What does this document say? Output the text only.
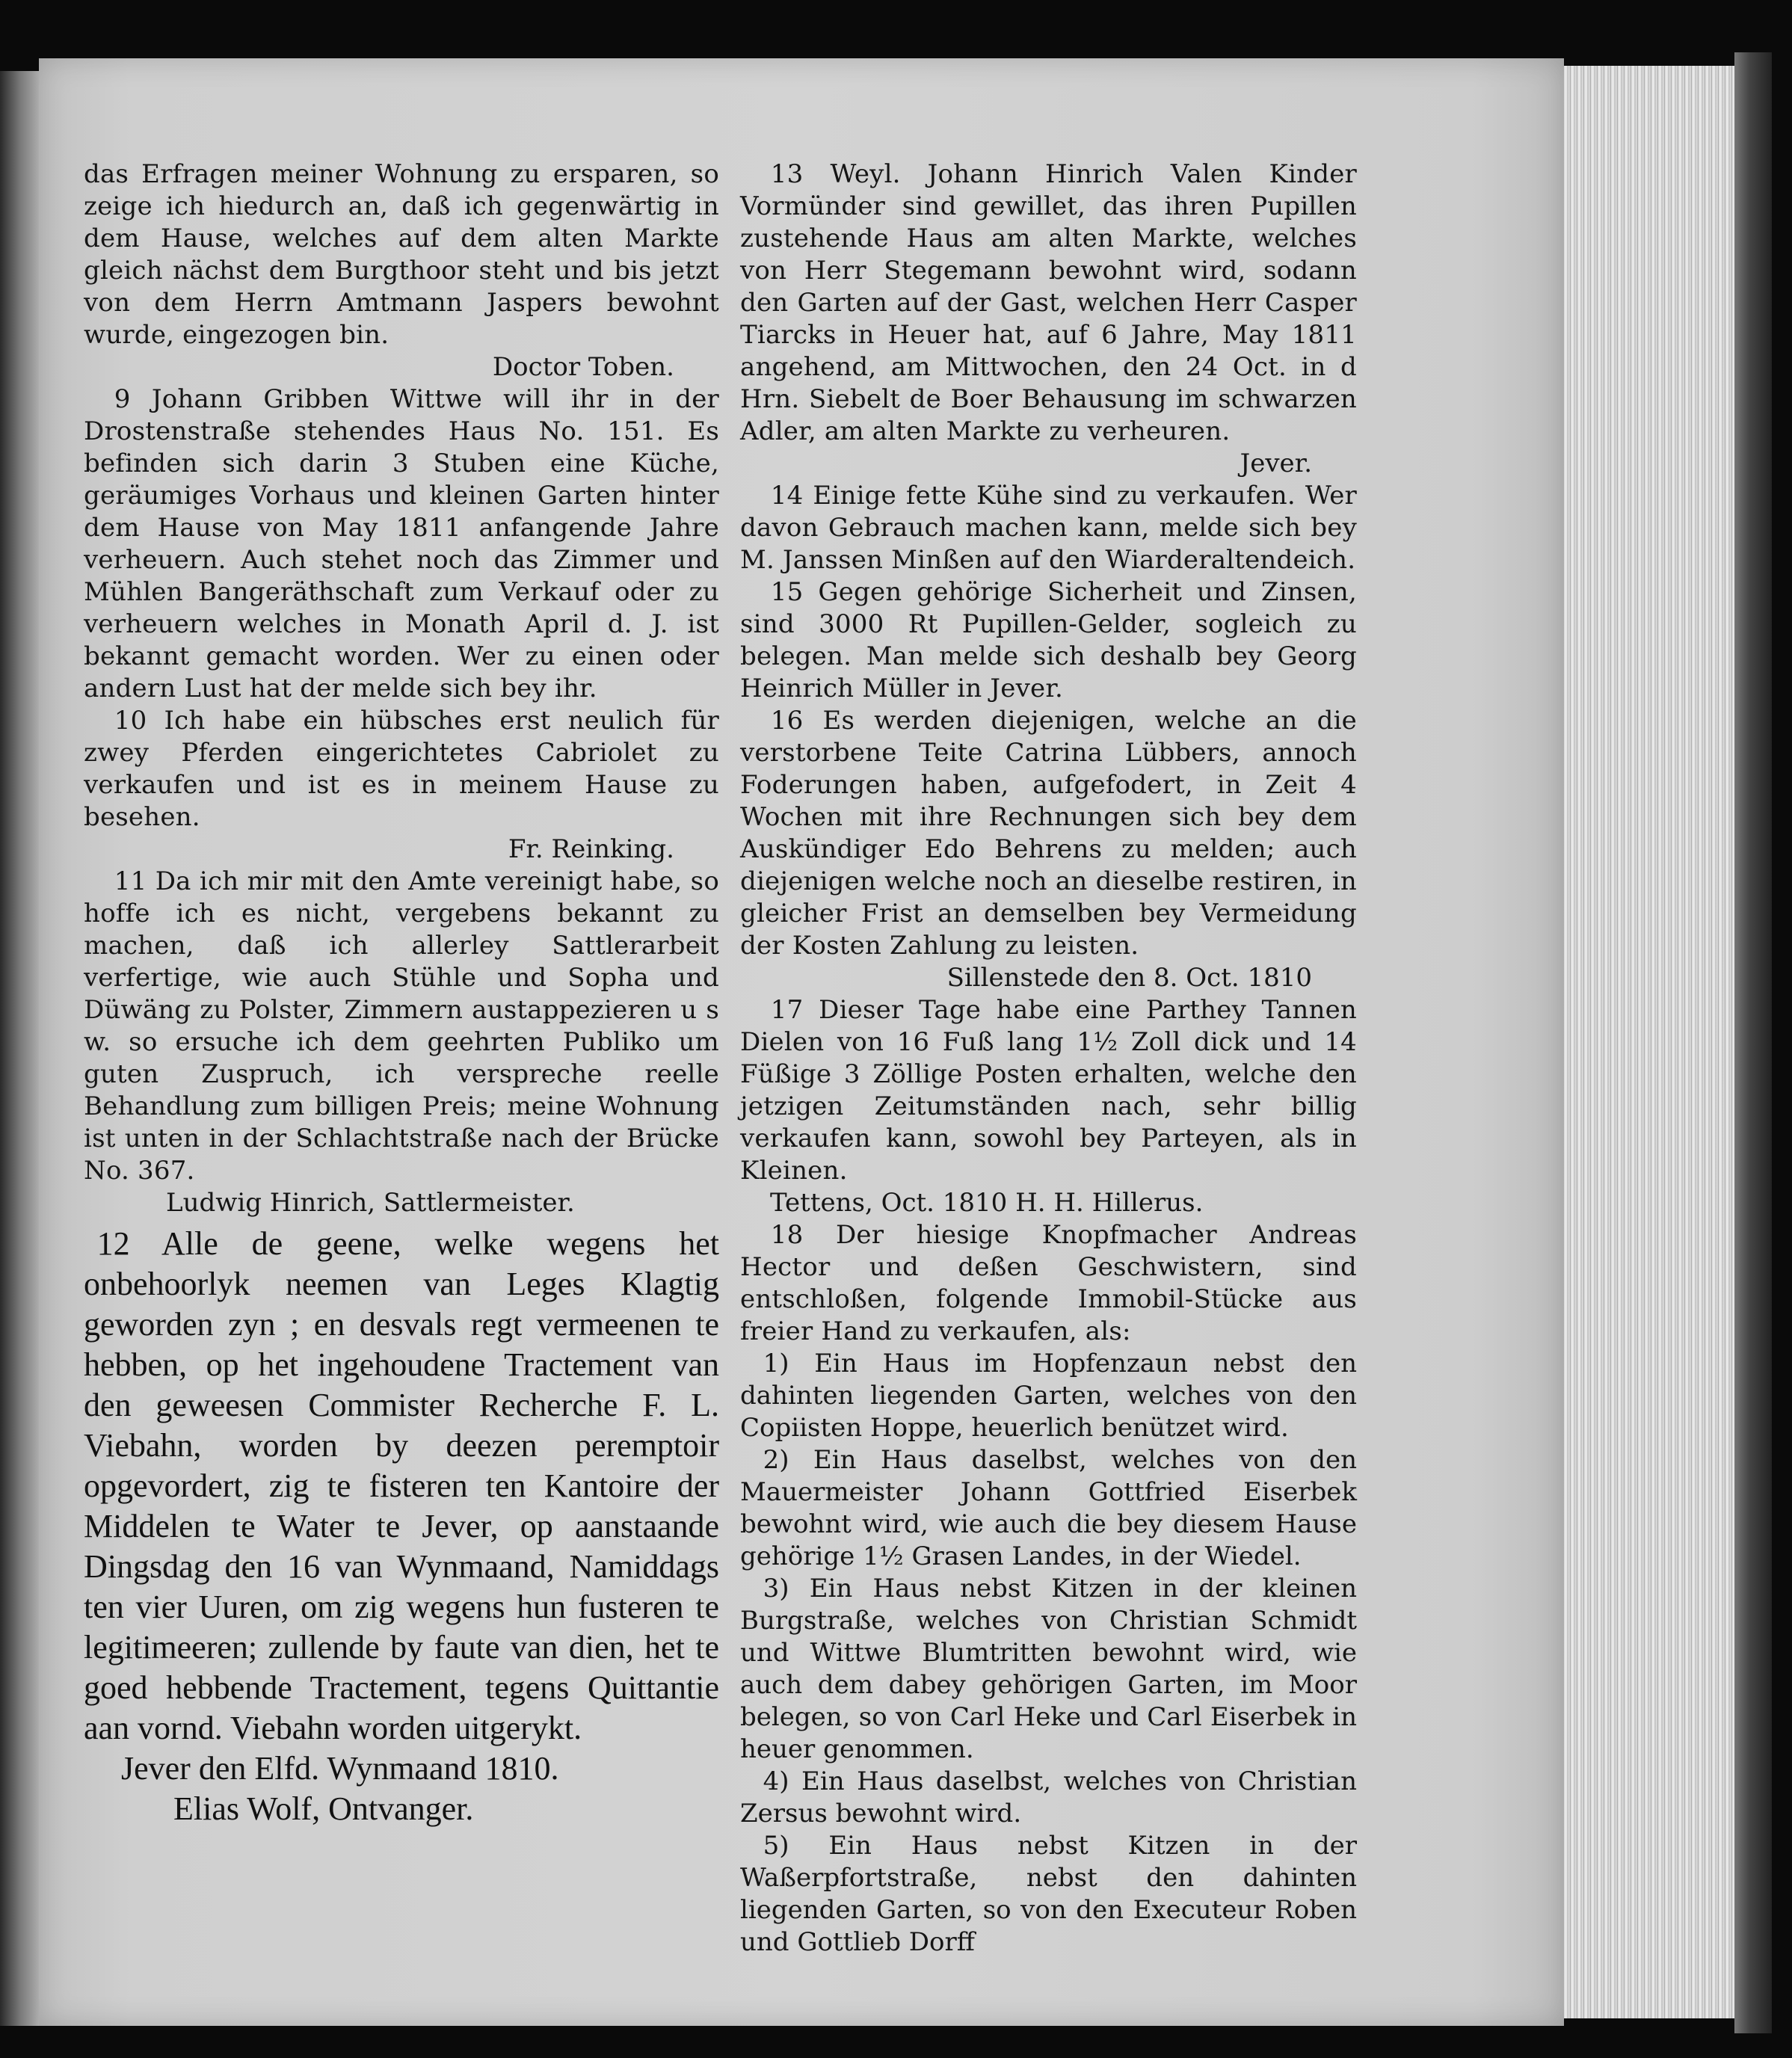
das Erfragen meiner Wohnung zu ersparen, so zeige ich hiedurch an, daß ich gegenwärtig in dem Hause, welches auf dem alten Markte gleich nächst dem Burgthoor steht und bis jetzt von dem Herrn Amtmann Jaspers bewohnt wurde, eingezogen bin.

Doctor Toben.

9 Johann Gribben Wittwe will ihr in der Drostenstraße stehendes Haus No. 151. Es befinden sich darin 3 Stuben eine Küche, geräumiges Vorhaus und kleinen Garten hinter dem Hause von May 1811 anfangende Jahre verheuern. Auch stehet noch das Zimmer und Mühlen Bangeräthschaft zum Verkauf oder zu verheuern welches in Monath April d. J. ist bekannt gemacht worden. Wer zu einen oder andern Lust hat der melde sich bey ihr.

10 Ich habe ein hübsches erst neulich für zwey Pferden eingerichtetes Cabriolet zu verkaufen und ist es in meinem Hause zu besehen.

Fr. Reinking.

11 Da ich mir mit den Amte vereinigt habe, so hoffe ich es nicht, vergebens bekannt zu machen, daß ich allerley Sattlerarbeit verfertige, wie auch Stühle und Sopha und Düwäng zu Polster, Zimmern austappezieren u s w. so ersuche ich dem geehrten Publiko um guten Zuspruch, ich verspreche reelle Behandlung zum billigen Preis; meine Wohnung ist unten in der Schlachtstraße nach der Brücke No. 367.

Ludwig Hinrich, Sattlermeister.

12 Alle de geene, welke wegens het onbehoorlyk neemen van Leges Klagtig geworden zyn ; en desvals regt vermeenen te hebben, op het ingehoudene Tractement van den geweesen Commister Recherche F. L. Viebahn, worden by deezen peremptoir opgevordert, zig te fisteren ten Kantoire der Middelen te Water te Jever, op aanstaande Dingsdag den 16 van Wynmaand, Namiddags ten vier Uuren, om zig wegens hun fusteren te legitimeeren; zullende by faute van dien, het te goed hebbende Tractement, tegens Quittantie aan vornd. Viebahn worden uitgerykt.

Jever den Elfd. Wynmaand 1810.

Elias Wolf, Ontvanger.

13 Weyl. Johann Hinrich Valen Kinder Vormünder sind gewillet, das ihren Pupillen zustehende Haus am alten Markte, welches von Herr Stegemann bewohnt wird, sodann den Garten auf der Gast, welchen Herr Casper Tiarcks in Heuer hat, auf 6 Jahre, May 1811 angehend, am Mittwochen, den 24 Oct. in d Hrn. Siebelt de Boer Behausung im schwarzen Adler, am alten Markte zu verheuren.

Jever.

14 Einige fette Kühe sind zu verkaufen. Wer davon Gebrauch machen kann, melde sich bey M. Janssen Minßen auf den Wiarderaltendeich.

15 Gegen gehörige Sicherheit und Zinsen, sind 3000 Rt Pupillen-Gelder, sogleich zu belegen. Man melde sich deshalb bey Georg Heinrich Müller in Jever.

16 Es werden diejenigen, welche an die verstorbene Teite Catrina Lübbers, annoch Foderungen haben, aufgefodert, in Zeit 4 Wochen mit ihre Rechnungen sich bey dem Auskündiger Edo Behrens zu melden; auch diejenigen welche noch an dieselbe restiren, in gleicher Frist an demselben bey Vermeidung der Kosten Zahlung zu leisten.

Sillenstede den 8. Oct. 1810

17 Dieser Tage habe eine Parthey Tannen Dielen von 16 Fuß lang 1½ Zoll dick und 14 Füßige 3 Zöllige Posten erhalten, welche den jetzigen Zeitumständen nach, sehr billig verkaufen kann, sowohl bey Parteyen, als in Kleinen.

Tettens, Oct. 1810 H. H. Hillerus.

18 Der hiesige Knopfmacher Andreas Hector und deßen Geschwistern, sind entschloßen, folgende Immobil-Stücke aus freier Hand zu verkaufen, als:

1) Ein Haus im Hopfenzaun nebst den dahinten liegenden Garten, welches von den Copiisten Hoppe, heuerlich benützet wird.

2) Ein Haus daselbst, welches von den Mauermeister Johann Gottfried Eiserbek bewohnt wird, wie auch die bey diesem Hause gehörige 1½ Grasen Landes, in der Wiedel.

3) Ein Haus nebst Kitzen in der kleinen Burgstraße, welches von Christian Schmidt und Wittwe Blumtritten bewohnt wird, wie auch dem dabey gehörigen Garten, im Moor belegen, so von Carl Heke und Carl Eiserbek in heuer genommen.

4) Ein Haus daselbst, welches von Christian Zersus bewohnt wird.

5) Ein Haus nebst Kitzen in der Waßerpfortstraße, nebst den dahinten liegenden Garten, so von den Executeur Roben und Gottlieb Dorff
